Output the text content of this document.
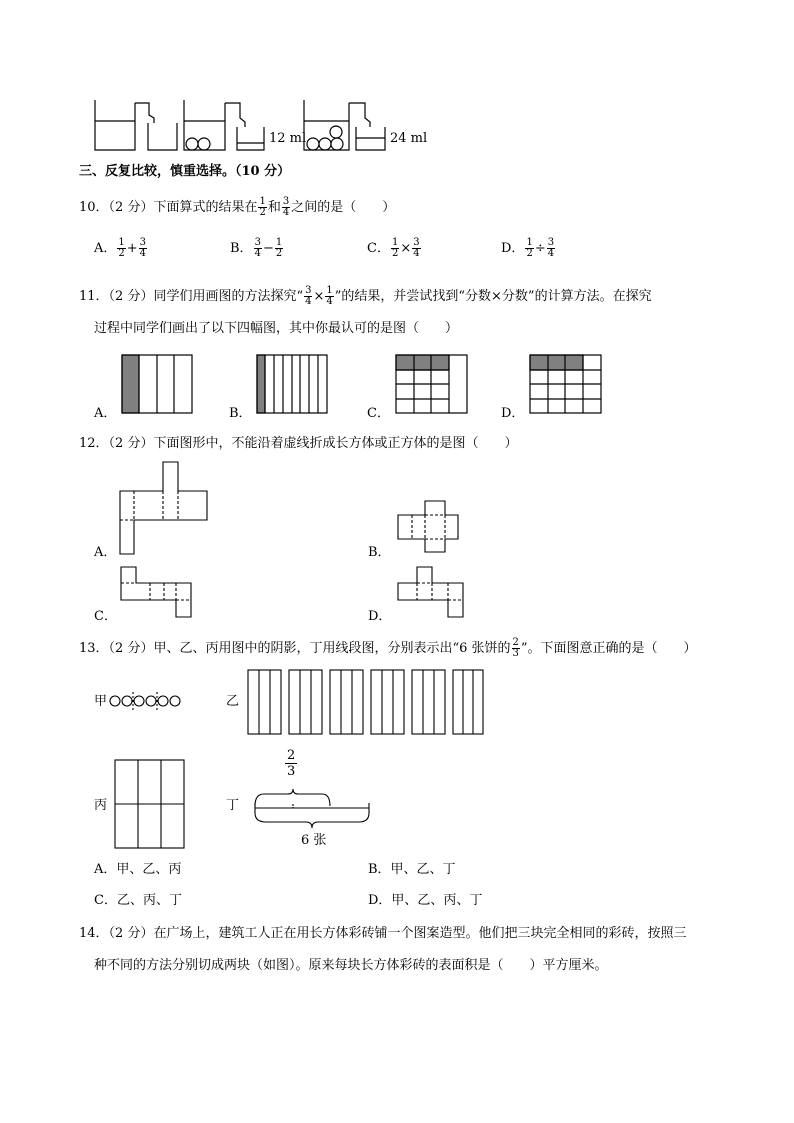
12 ml	24 ml
三、反复比较，慎重选择。（10 分）
10．（2 分）下面算式的结果在 $\frac{1}{2}$ 和 $\frac{3}{4}$ 之间的是（　　）
A． $\frac{1}{2} + \frac{3}{4}$	B． $\frac{3}{4} - \frac{1}{2}$	C． $\frac{1}{2} \times \frac{3}{4}$	D． $\frac{1}{2} \div \frac{3}{4}$
11．（2 分）同学们用画图的方法探究“ $\frac{3}{4} \times \frac{1}{4}$ ”的结果，并尝试找到“分数×分数”的计算方法。在探究
过程中同学们画出了以下四幅图，其中你最认可的是图（　　）
A．	B．	C．	D．
12．（2 分）下面图形中，不能沿着虚线折成长方体或正方体的是图（　　）
A．	B．
C．	D．
13．（2 分）甲、乙、丙用图中的阴影，丁用线段图，分别表示出“6 张饼的 $\frac{2}{3}$ ”。下面图意正确的是（　　）
甲	乙
丙	丁
2
3
6 张
A．甲、乙、丙	B．甲、乙、丁
C．乙、丙、丁	D．甲、乙、丙、丁
14．（2 分）在广场上，建筑工人正在用长方体彩砖铺一个图案造型。他们把三块完全相同的彩砖，按照三
种不同的方法分别切成两块（如图）。原来每块长方体彩砖的表面积是（　　）平方厘米。
